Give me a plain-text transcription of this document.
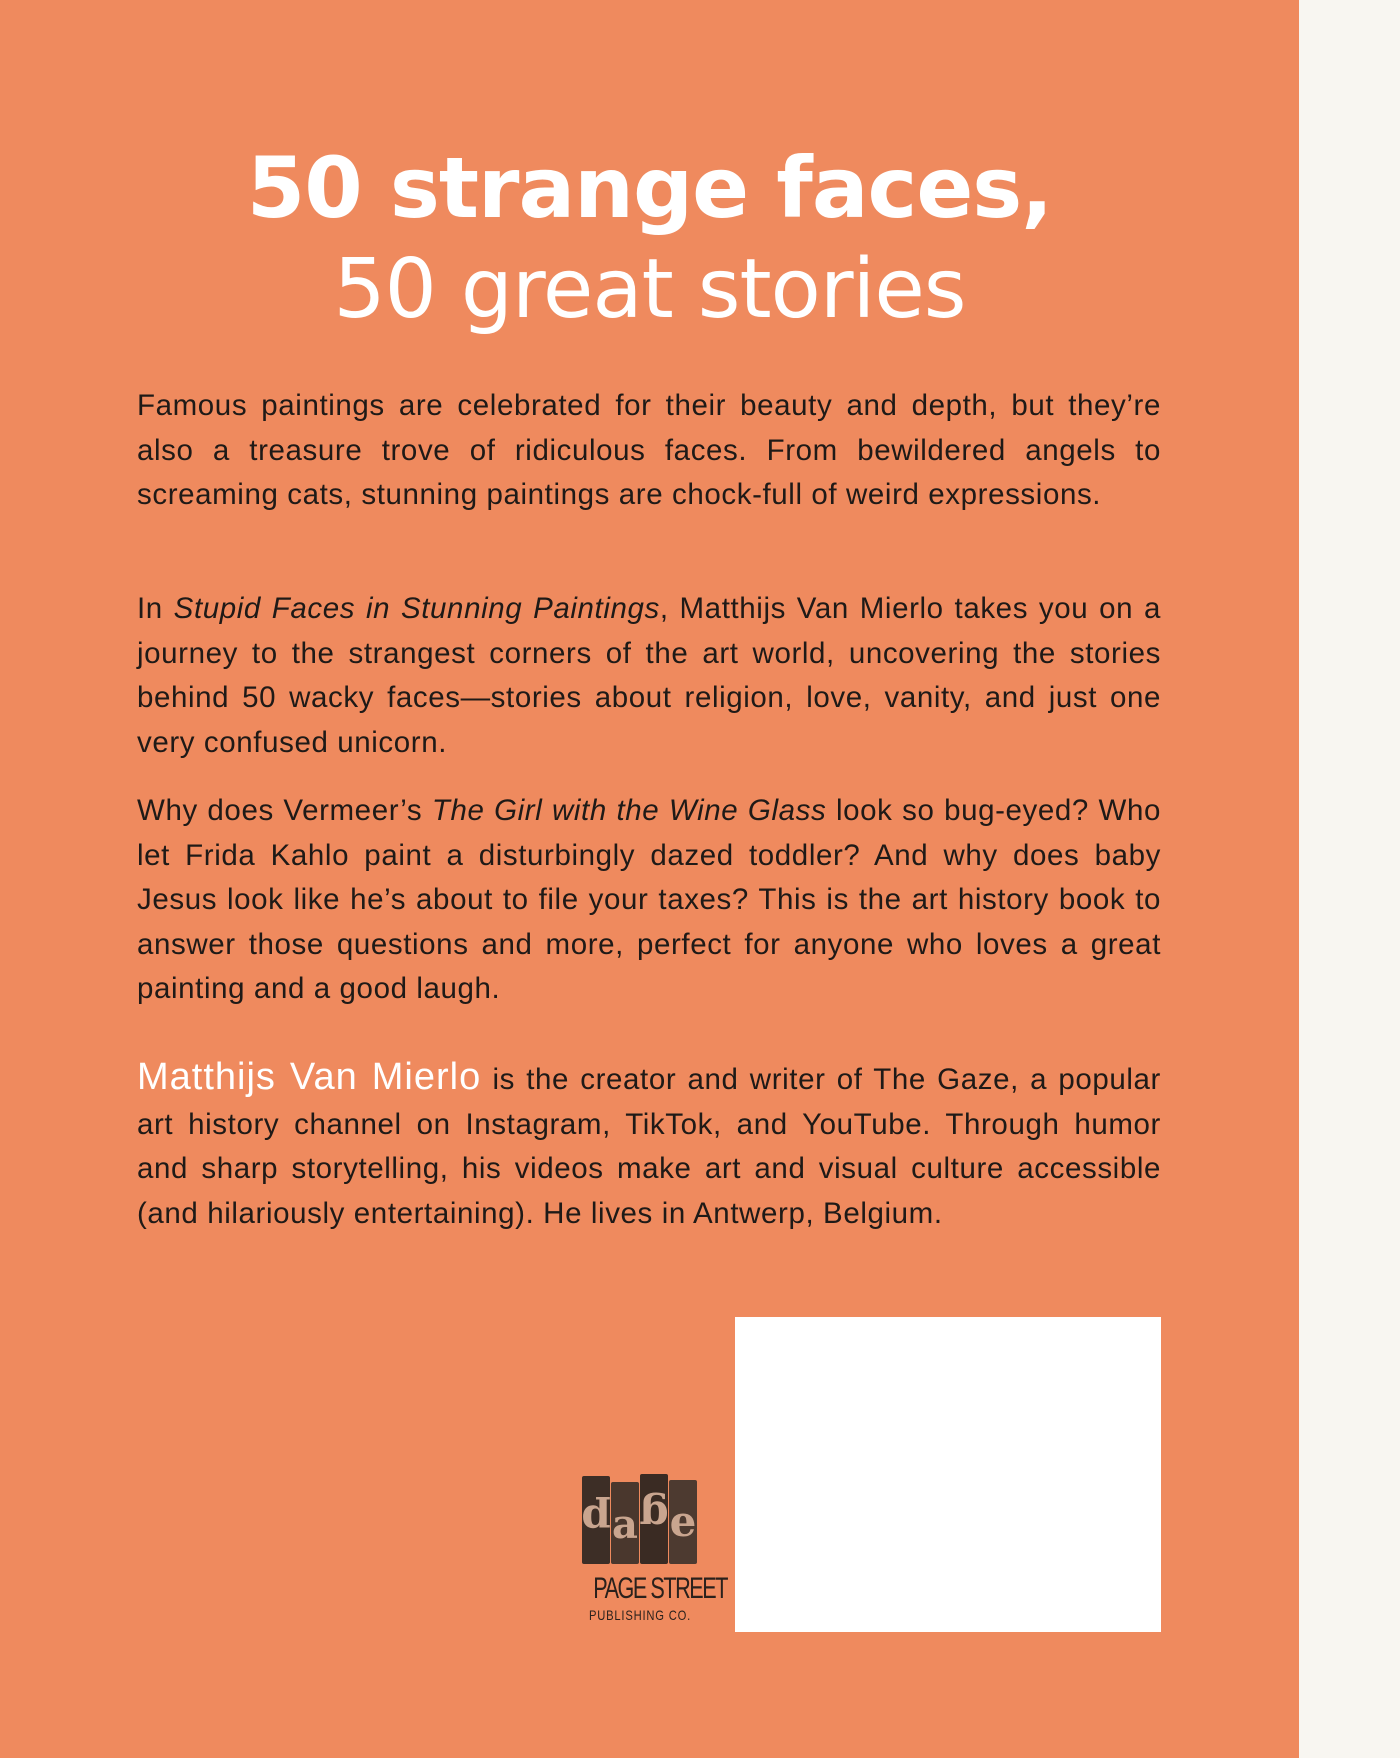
50 strange faces,
50 great stories

Famous paintings are celebrated for their beauty and depth, but they’re also a treasure trove of ridiculous faces. From bewildered angels to screaming cats, stunning paintings are chock-full of weird expressions.

In Stupid Faces in Stunning Paintings, Matthijs Van Mierlo takes you on a journey to the strangest corners of the art world, uncovering the stories behind 50 wacky faces—stories about religion, love, vanity, and just one very confused unicorn.

Why does Vermeer’s The Girl with the Wine Glass look so bug-eyed? Who let Frida Kahlo paint a disturbingly dazed toddler? And why does baby Jesus look like he’s about to file your taxes? This is the art history book to answer those questions and more, perfect for anyone who loves a great painting and a good laugh.

Matthijs Van Mierlo is the creator and writer of The Gaze, a popular art history channel on Instagram, TikTok, and YouTube. Through humor and sharp storytelling, his videos make art and visual culture accessible (and hilariously entertaining). He lives in Antwerp, Belgium.

p a g e
PAGE STREET
PUBLISHING CO.
